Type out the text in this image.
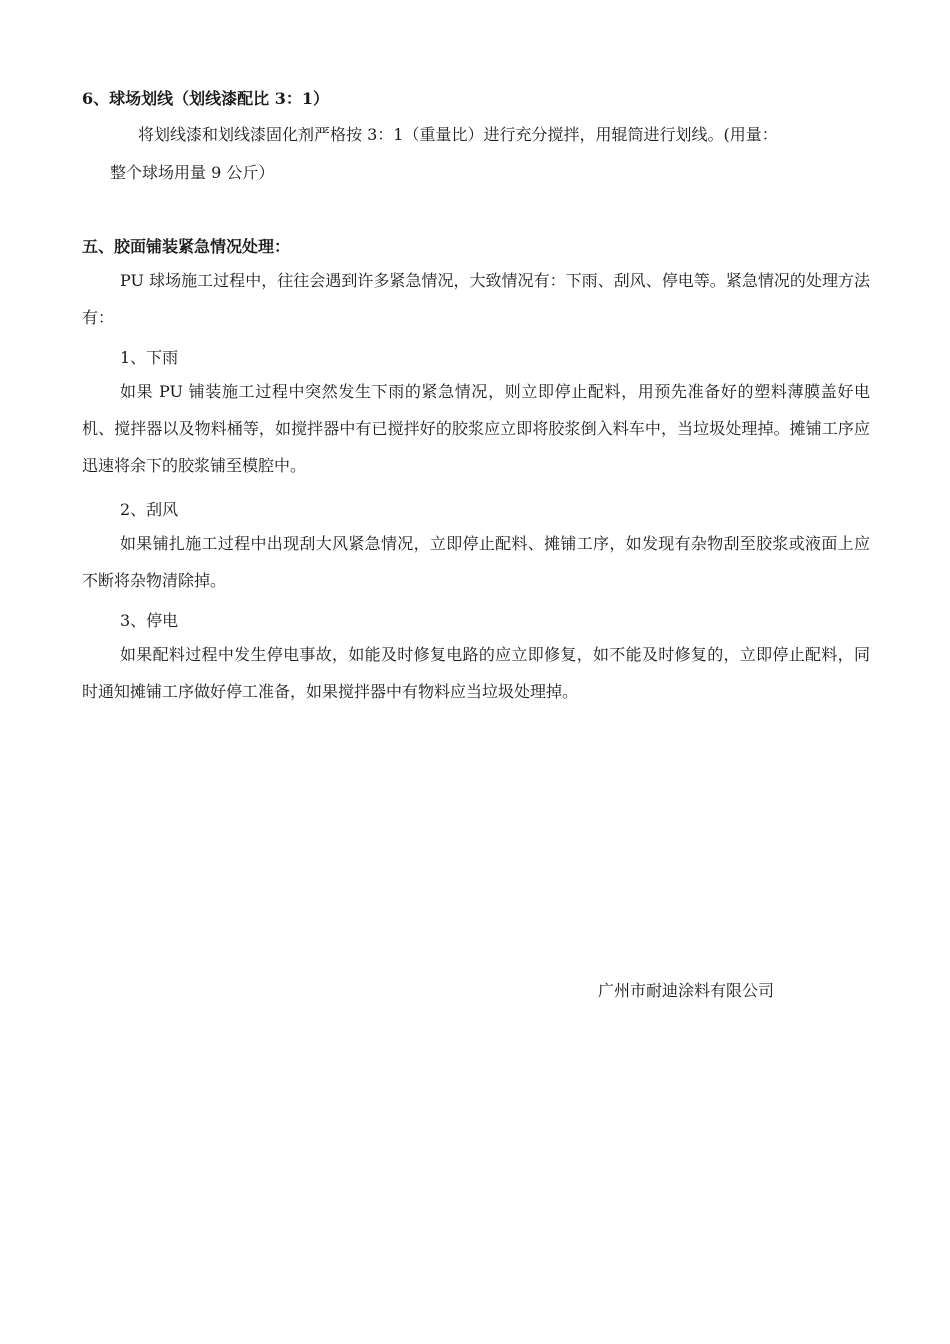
6、球场划线（划线漆配比 3：1）
将划线漆和划线漆固化剂严格按 3：1（重量比）进行充分搅拌，用辊筒进行划线。(用量：
整个球场用量 9 公斤）
五、胶面铺装紧急情况处理：

PU 球场施工过程中，往往会遇到许多紧急情况，大致情况有：下雨、刮风、停电等。紧急情况的处理方法有：

1、下雨

如果 PU 铺装施工过程中突然发生下雨的紧急情况，则立即停止配料，用预先准备好的塑料薄膜盖好电机、搅拌器以及物料桶等，如搅拌器中有已搅拌好的胶浆应立即将胶浆倒入料车中，当垃圾处理掉。摊铺工序应迅速将余下的胶浆铺至模腔中。

2、刮风

如果铺扎施工过程中出现刮大风紧急情况，立即停止配料、摊铺工序，如发现有杂物刮至胶浆或液面上应不断将杂物清除掉。

3、停电

如果配料过程中发生停电事故，如能及时修复电路的应立即修复，如不能及时修复的，立即停止配料，同时通知摊铺工序做好停工准备，如果搅拌器中有物料应当垃圾处理掉。

广州市耐迪涂料有限公司
